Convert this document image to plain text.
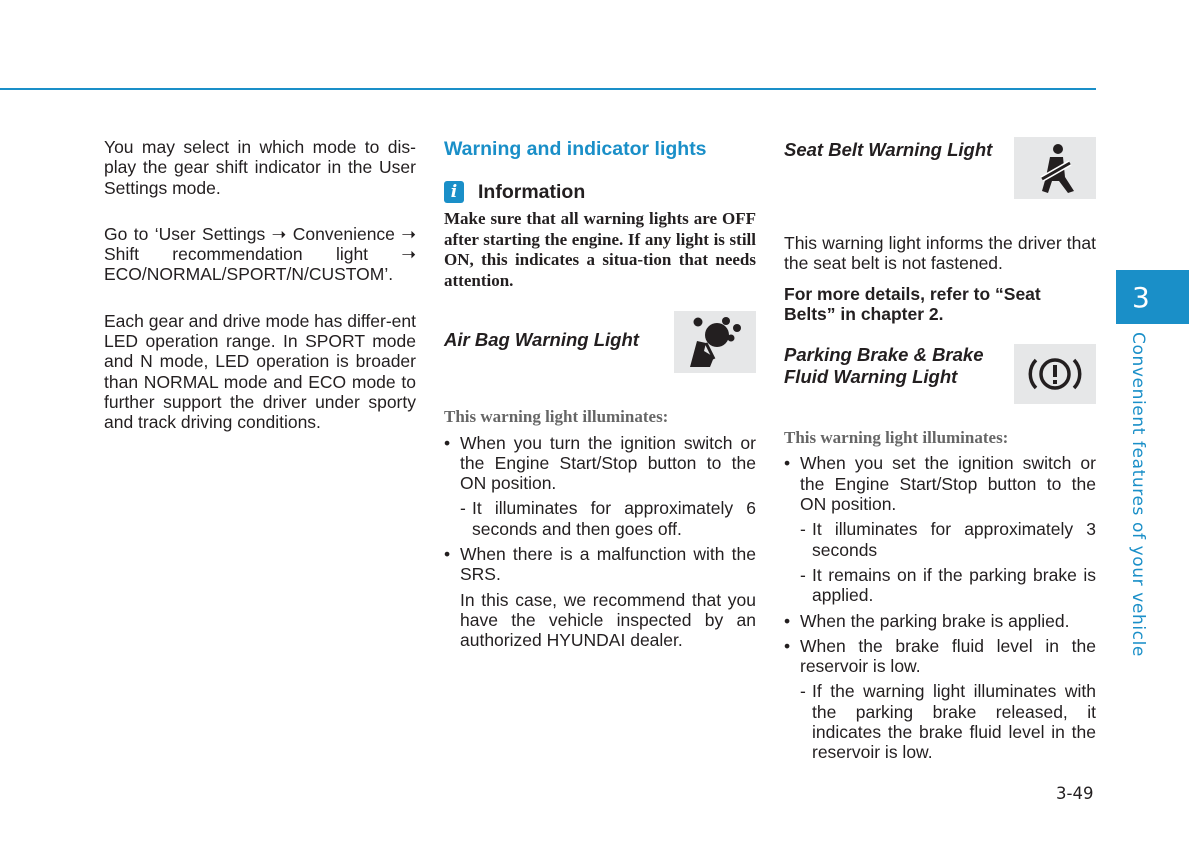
You may select in which mode to dis-play the gear shift indicator in the User Settings mode.

Go to ‘User Settings ➝ Convenience ➝ Shift recommendation light ➝ ECO/NORMAL/SPORT/N/CUSTOM’.

Each gear and drive mode has differ-ent LED operation range. In SPORT mode and N mode, LED operation is broader than NORMAL mode and ECO mode to further support the driver under sporty and track driving conditions.

Warning and indicator lights
i	Information

Make sure that all warning lights are OFF after starting the engine. If any light is still ON, this indicates a situa-tion that needs attention.

Air Bag Warning Light
This warning light illuminates:
• When you turn the ignition switch or the Engine Start/Stop button to the ON position.
- It illuminates for approximately 6 seconds and then goes off.
• When there is a malfunction with the SRS.
In this case, we recommend that you have the vehicle inspected by an authorized HYUNDAI dealer.
Seat Belt Warning Light

This warning light informs the driver that the seat belt is not fastened.

For more details, refer to “Seat Belts” in chapter 2.

Parking Brake & Brake Fluid Warning Light
This warning light illuminates:
• When you set the ignition switch or the Engine Start/Stop button to the ON position.
- It illuminates for approximately 3 seconds
- It remains on if the parking brake is applied.
• When the parking brake is applied.
• When the brake fluid level in the reservoir is low.
- If the warning light illuminates with the parking brake released, it indicates the brake fluid level in the reservoir is low.
3
Convenient features of your vehicle
3-49
